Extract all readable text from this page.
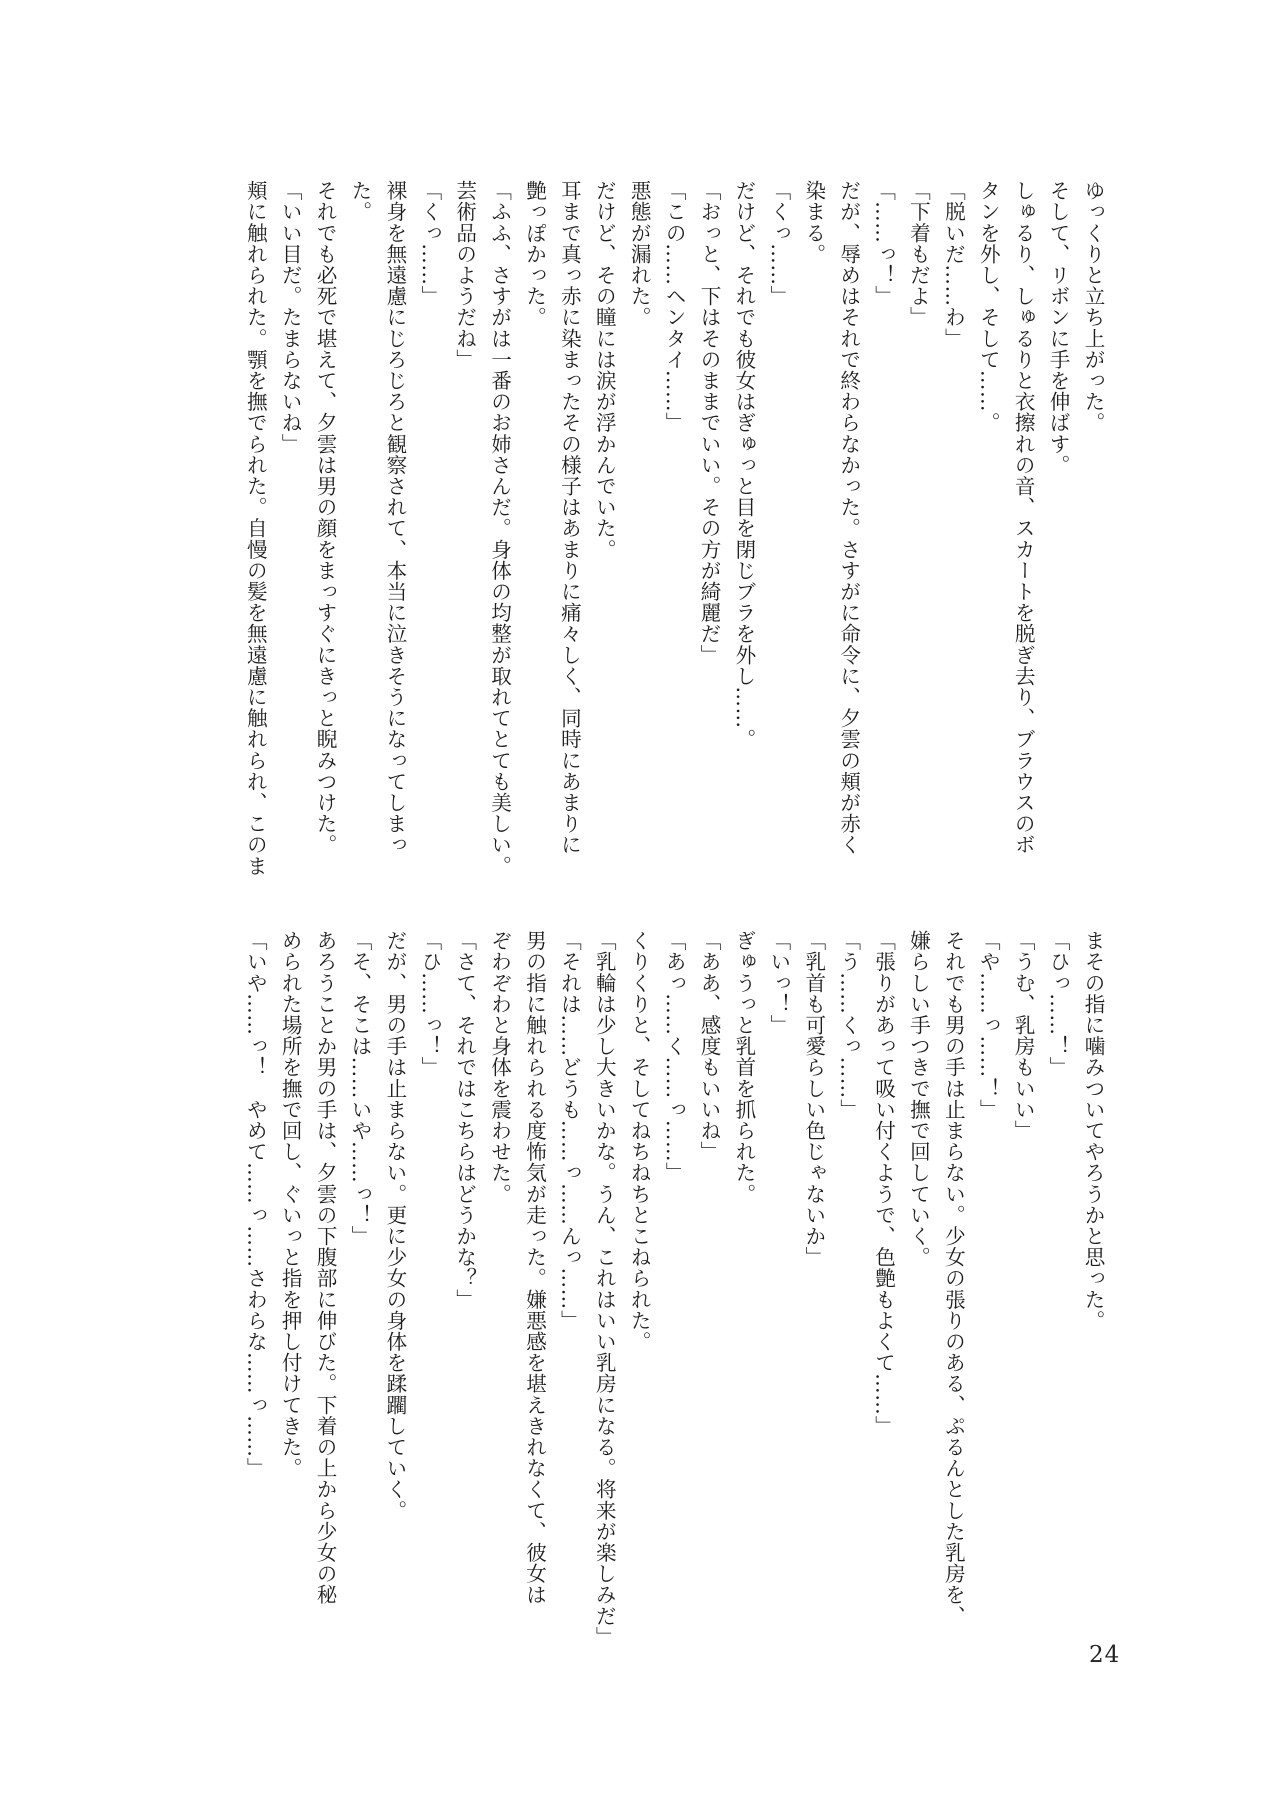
ゆっくりと立ち上がった。

そして、リボンに手を伸ばす。

しゅるり、しゅるりと衣擦れの音、スカートを脱ぎ去り、ブラウスのボ

タンを外し、そして……。

「脱いだ……わ」

「下着もだよ」

「……っ！」

だが、辱めはそれで終わらなかった。さすがに命令に、夕雲の頬が赤く

染まる。

「くっ……」

だけど、それでも彼女はぎゅっと目を閉じブラを外し……。

「おっと、下はそのままでいい。その方が綺麗だ」

「この……ヘンタイ……」

悪態が漏れた。

だけど、その瞳には涙が浮かんでいた。

耳まで真っ赤に染まったその様子はあまりに痛々しく、同時にあまりに

艶っぽかった。

「ふふ、さすがは一番のお姉さんだ。身体の均整が取れてとても美しい。

芸術品のようだね」

「くっ……」

裸身を無遠慮にじろじろと観察されて、本当に泣きそうになってしまっ

た。

それでも必死で堪えて、夕雲は男の顔をまっすぐにきっと睨みつけた。

「いい目だ。たまらないね」

頬に触れられた。顎を撫でられた。自慢の髪を無遠慮に触れられ、このま

まその指に噛みついてやろうかと思った。

「ひっ……！」

「うむ、乳房もいい」

「や……っ……！」

それでも男の手は止まらない。少女の張りのある、ぷるんとした乳房を、

嫌らしい手つきで撫で回していく。

「張りがあって吸い付くようで、色艶もよくて……」

「う……くっ……」

「乳首も可愛らしい色じゃないか」

「いっ！」

ぎゅうっと乳首を抓られた。

「ああ、感度もいいね」

「あっ……く……っ……」

くりくりと、そしてねちねちとこねられた。

「乳輪は少し大きいかな。うん、これはいい乳房になる。将来が楽しみだ」

「それは……どうも……っ……んっ……」

男の指に触れられる度怖気が走った。嫌悪感を堪えきれなくて、彼女は

ぞわぞわと身体を震わせた。

「さて、それではこちらはどうかな？」

「ひ……っ！」

だが、男の手は止まらない。更に少女の身体を蹂躙していく。

「そ、そこは……いや……っ！」

あろうことか男の手は、夕雲の下腹部に伸びた。下着の上から少女の秘

められた場所を撫で回し、ぐいっと指を押し付けてきた。

「いや……っ！　やめて……っ……さわらな……っ……」

24
